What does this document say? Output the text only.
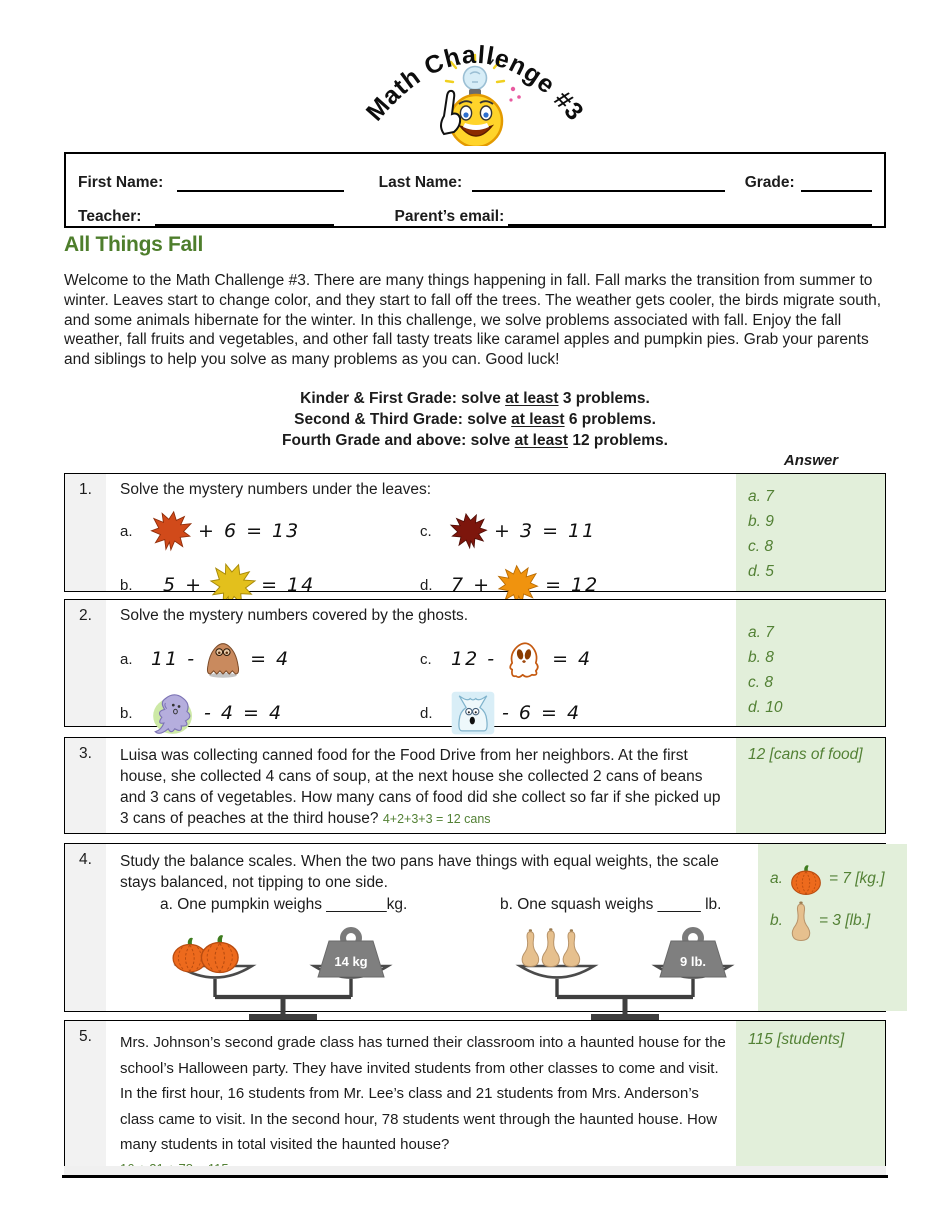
Math Challenge #3
First Name:	Last Name:	Grade:
Teacher:	Parent’s email:
All Things Fall
Welcome to the Math Challenge #3. There are many things happening in fall. Fall marks the transition from summer to winter. Leaves start to change color, and they start to fall off the trees. The weather gets cooler, the birds migrate south, and some animals hibernate for the winter. In this challenge, we solve problems associated with fall. Enjoy the fall weather, fall fruits and vegetables, and other fall tasty treats like caramel apples and pumpkin pies. Grab your parents and siblings to help you solve as many problems as you can. Good luck!
Kinder & First Grade: solve at least 3 problems.
Second & Third Grade: solve at least 6 problems.
Fourth Grade and above: solve at least 12 problems.
Answer
1.	Solve the mystery numbers under the leaves:
a.	+ 6 = 13	c.	+ 3 = 11
b.	5 +	= 14	d. 7 +	= 12
a. 7
b. 9
c. 8
d. 5
2.	Solve the mystery numbers covered by the ghosts.
a. 11 -	= 4	c.	12 -	= 4
b.	- 4 = 4	d.	- 6 = 4
a. 7
b. 8
c. 8
d. 10
3.	Luisa was collecting canned food for the Food Drive from her neighbors. At the first house, she collected 4 cans of soup, at the next house she collected 2 cans of beans and 3 cans of vegetables. How many cans of food did she collect so far if she picked up 3 cans of peaches at the third house? 4+2+3+3 = 12 cans
12 [cans of food]
4.	Study the balance scales. When the two pans have things with equal weights, the scale stays balanced, not tipping to one side.
a. One pumpkin weighs _______kg.	b. One squash weighs _____ lb.
14 kg	9 lb.
a.	= 7 [kg.]
b. = 3 [lb.]
5.	Mrs. Johnson’s second grade class has turned their classroom into a haunted house for the school’s Halloween party. They have invited students from other classes to come and visit. In the first hour, 16 students from Mr. Lee’s class and 21 students from Mrs. Anderson’s class came to visit. In the second hour, 78 students went through the haunted house. How many students in total visited the haunted house?
115 [students]
